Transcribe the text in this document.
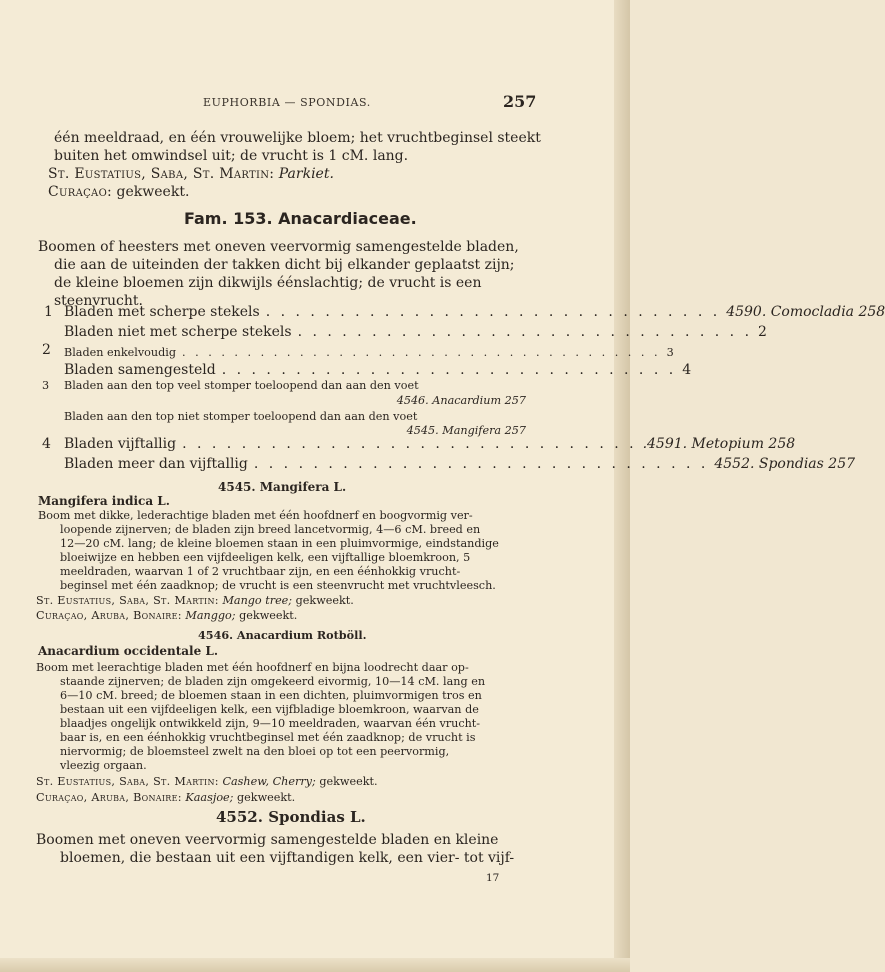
EUPHORBIA — SPONDIAS.	257
één meeldraad, en één vrouwelijke bloem; het vruchtbeginsel steekt
buiten het omwindsel uit; de vrucht is 1 cM. lang.
St. Eustatius, Saba, St. Martin: Parkiet.
Curaçao: gekweekt.
Fam. 153. Anacardiaceae.
Boomen of heesters met oneven veervormig samengestelde bladen,
die aan de uiteinden der takken dicht bij elkander geplaatst zijn;
de kleine bloemen zijn dikwijls éénslachtig; de vrucht is een
steenvrucht.
1 Bladen met scherpe stekels . . . . . . . . . . . . . . . . . . . . . . . . . . . . . . . 4590. Comocladia 258
Bladen niet met scherpe stekels . . . . . . . . . . . . . . . . . . . . . . . . . . . . . . . 2
2 Bladen enkelvoudig . . . . . . . . . . . . . . . . . . . . . . . . . . . . . . . . . . . . . 3
Bladen samengesteld . . . . . . . . . . . . . . . . . . . . . . . . . . . . . . . 4
3 Bladen aan den top veel stomper toeloopend dan aan den voet
4546. Anacardium 257
Bladen aan den top niet stomper toeloopend dan aan den voet
4545. Mangifera 257
4 Bladen vijftallig . . . . . . . . . . . . . . . . . . . . . . . . . . . . . . . .4591. Metopium 258
Bladen meer dan vijftallig . . . . . . . . . . . . . . . . . . . . . . . . . . . . . . . 4552. Spondias 257
4545. Mangifera L.
Mangifera indica L.
Boom met dikke, lederachtige bladen met één hoofdnerf en boogvormig ver-
loopende zijnerven; de bladen zijn breed lancetvormig, 4—6 cM. breed en
12—20 cM. lang; de kleine bloemen staan in een pluimvormige, eindstandige
bloeiwijze en hebben een vijfdeeligen kelk, een vijftallige bloemkroon, 5
meeldraden, waarvan 1 of 2 vruchtbaar zijn, en een éénhokkig vrucht-
beginsel met één zaadknop; de vrucht is een steenvrucht met vruchtvleesch.
St. Eustatius, Saba, St. Martin: Mango tree; gekweekt.
Curaçao, Aruba, Bonaire: Manggo; gekweekt.
4546. Anacardium Rotböll.
Anacardium occidentale L.
Boom met leerachtige bladen met één hoofdnerf en bijna loodrecht daar op-
staande zijnerven; de bladen zijn omgekeerd eivormig, 10—14 cM. lang en
6—10 cM. breed; de bloemen staan in een dichten, pluimvormigen tros en
bestaan uit een vijfdeeligen kelk, een vijfbladige bloemkroon, waarvan de
blaadjes ongelijk ontwikkeld zijn, 9—10 meeldraden, waarvan één vrucht-
baar is, en een éénhokkig vruchtbeginsel met één zaadknop; de vrucht is
niervormig; de bloemsteel zwelt na den bloei op tot een peervormig,
vleezig orgaan.
St. Eustatius, Saba, St. Martin: Cashew, Cherry; gekweekt.
Curaçao, Aruba, Bonaire: Kaasjoe; gekweekt.
4552. Spondias L.
Boomen met oneven veervormig samengestelde bladen en kleine
bloemen, die bestaan uit een vijftandigen kelk, een vier- tot vijf-
17
